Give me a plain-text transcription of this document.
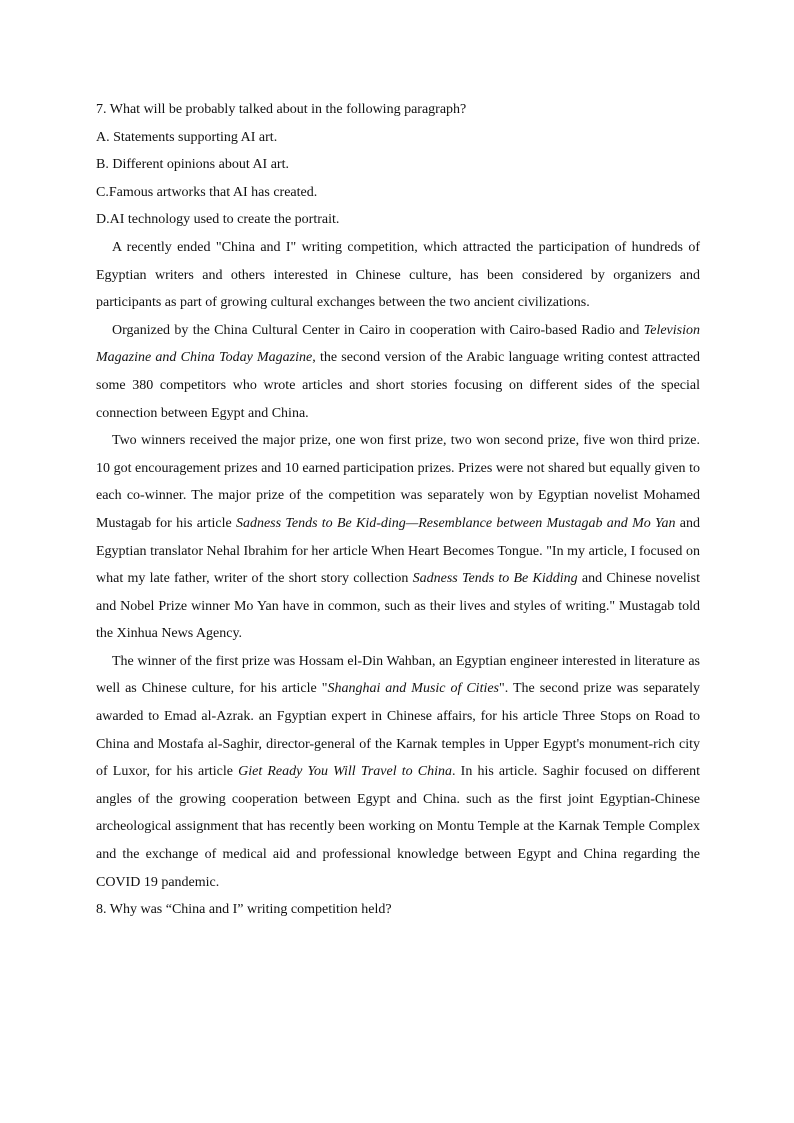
7. What will be probably talked about in the following paragraph?
A. Statements supporting AI art.
B. Different opinions about AI art.
C.Famous artworks that AI has created.
D.AI technology used to create the portrait.

A recently ended "China and I" writing competition, which attracted the participation of hundreds of Egyptian writers and others interested in Chinese culture, has been considered by organizers and participants as part of growing cultural exchanges between the two ancient civilizations.

Organized by the China Cultural Center in Cairo in cooperation with Cairo-based Radio and Television Magazine and China Today Magazine, the second version of the Arabic language writing contest attracted some 380 competitors who wrote articles and short stories focusing on different sides of the special connection between Egypt and China.

Two winners received the major prize, one won first prize, two won second prize, five won third prize. 10 got encouragement prizes and 10 earned participation prizes. Prizes were not shared but equally given to each co-winner. The major prize of the competition was separately won by Egyptian novelist Mohamed Mustagab for his article Sadness Tends to Be Kid-ding—Resemblance between Mustagab and Mo Yan and Egyptian translator Nehal Ibrahim for her article When Heart Becomes Tongue. "In my article, I focused on what my late father, writer of the short story collection Sadness Tends to Be Kidding and Chinese novelist and Nobel Prize winner Mo Yan have in common, such as their lives and styles of writing." Mustagab told the Xinhua News Agency.

The winner of the first prize was Hossam el-Din Wahban, an Egyptian engineer interested in literature as well as Chinese culture, for his article "Shanghai and Music of Cities". The second prize was separately awarded to Emad al-Azrak. an Fgyptian expert in Chinese affairs, for his article Three Stops on Road to China and Mostafa al-Saghir, director-general of the Karnak temples in Upper Egypt's monument-rich city of Luxor, for his article Giet Ready You Will Travel to China. In his article. Saghir focused on different angles of the growing cooperation between Egypt and China. such as the first joint Egyptian-Chinese archeological assignment that has recently been working on Montu Temple at the Karnak Temple Complex and the exchange of medical aid and professional knowledge between Egypt and China regarding the COVID 19 pandemic.

8. Why was “China and I” writing competition held?
